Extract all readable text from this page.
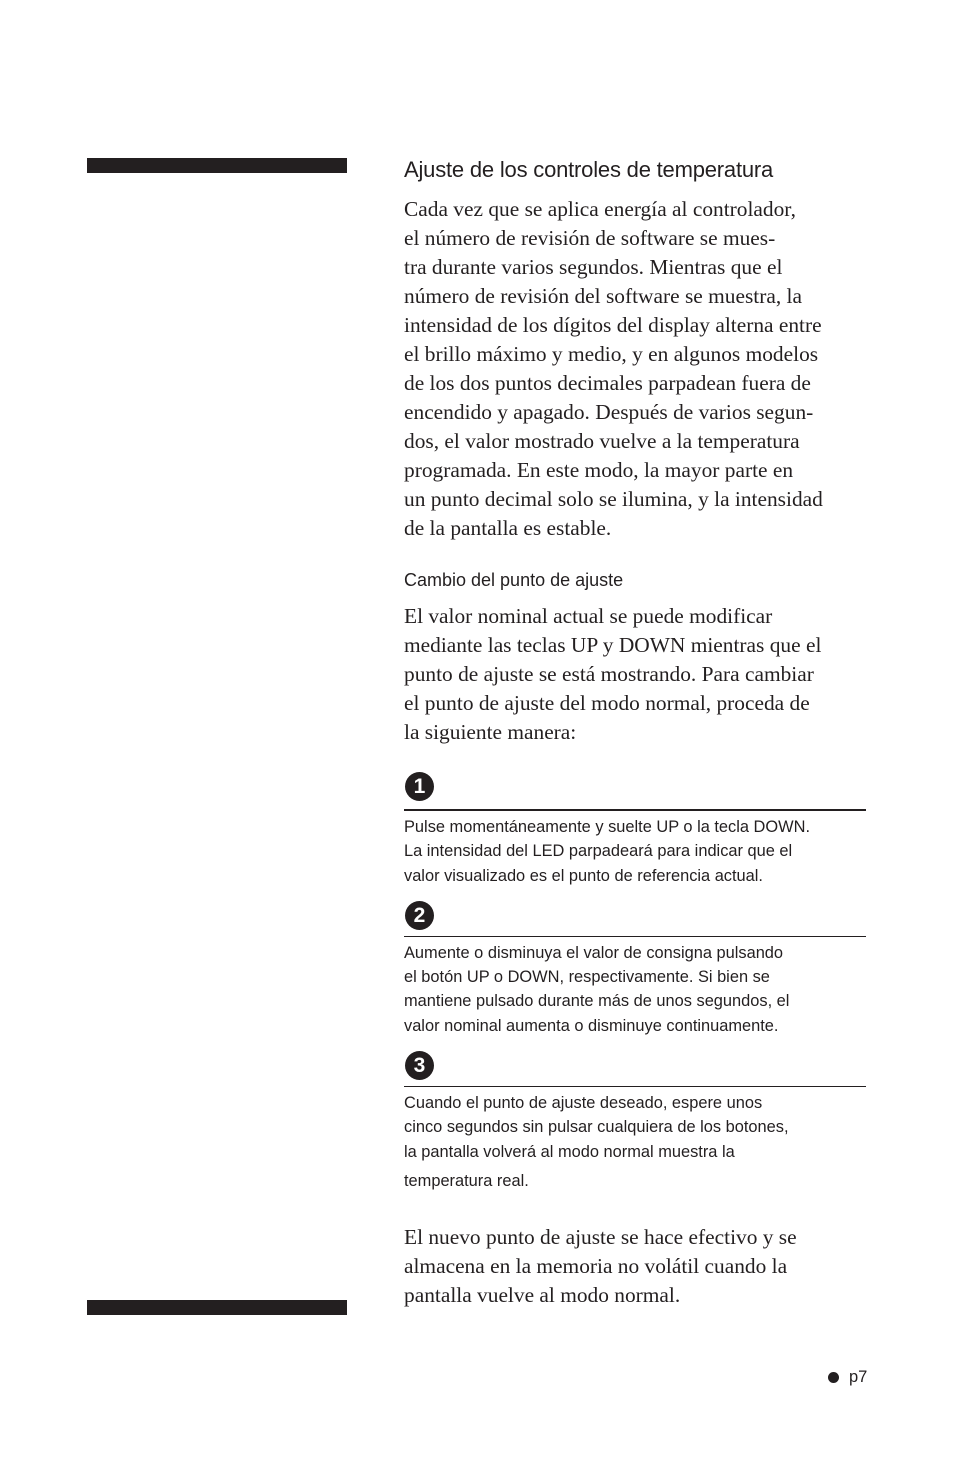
Ajuste de los controles de temperatura

Cada vez que se aplica energía al controlador,
el número de revisión de software se mues-
tra durante varios segundos. Mientras que el
número de revisión del software se muestra, la
intensidad de los dígitos del display alterna entre
el brillo máximo y medio, y en algunos modelos
de los dos puntos decimales parpadean fuera de
encendido y apagado. Después de varios segun-
dos, el valor mostrado vuelve a la temperatura
programada. En este modo, la mayor parte en
un punto decimal solo se ilumina, y la intensidad
de la pantalla es estable.

Cambio del punto de ajuste

El valor nominal actual se puede modificar
mediante las teclas UP y DOWN mientras que el
punto de ajuste se está mostrando. Para cambiar
el punto de ajuste del modo normal, proceda de
la siguiente manera:

1

Pulse momentáneamente y suelte UP o la tecla DOWN.
La intensidad del LED parpadeará para indicar que el
valor visualizado es el punto de referencia actual.

2

Aumente o disminuya el valor de consigna pulsando
el botón UP o DOWN, respectivamente. Si bien se
mantiene pulsado durante más de unos segundos, el
valor nominal aumenta o disminuye continuamente.

3

Cuando el punto de ajuste deseado, espere unos
cinco segundos sin pulsar cualquiera de los botones,
la pantalla volverá al modo normal muestra la
temperatura real.

El nuevo punto de ajuste se hace efectivo y se
almacena en la memoria no volátil cuando la
pantalla vuelve al modo normal.

p7
